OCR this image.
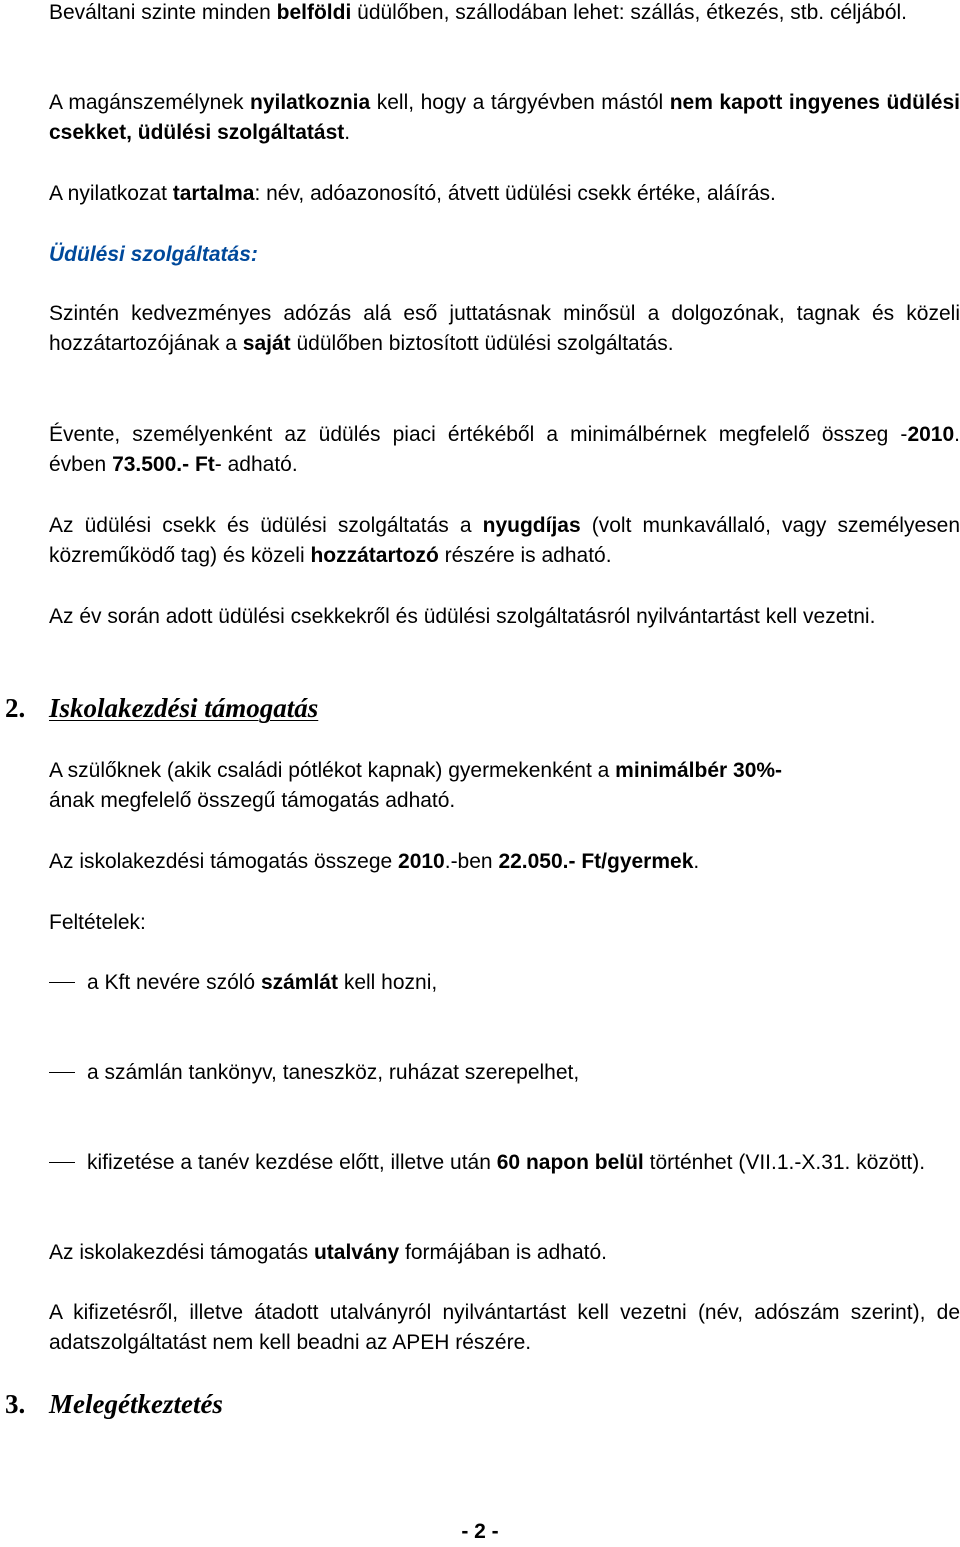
Beváltani szinte minden belföldi üdülőben, szállodában lehet: szállás, étkezés, stb. céljából.

A magánszemélynek nyilatkoznia kell, hogy a tárgyévben mástól nem kapott ingyenes üdülési csekket, üdülési szolgáltatást.

A nyilatkozat tartalma: név, adóazonosító, átvett üdülési csekk értéke, aláírás.

Üdülési szolgáltatás:

Szintén kedvezményes adózás alá eső juttatásnak minősül a dolgozónak, tagnak és közeli hozzátartozójának a saját üdülőben biztosított üdülési szolgáltatás.

Évente, személyenként az üdülés piaci értékéből a minimálbérnek megfelelő összeg -2010. évben 73.500.- Ft- adható.

Az üdülési csekk és üdülési szolgáltatás a nyugdíjas (volt munkavállaló, vagy személyesen közreműködő tag) és közeli hozzátartozó részére is adható.

Az év során adott üdülési csekkekről és üdülési szolgáltatásról nyilvántartást kell vezetni.

2. Iskolakezdési támogatás

A szülőknek (akik családi pótlékot kapnak) gyermekenként a minimálbér 30%-
ának megfelelő összegű támogatás adható.

Az iskolakezdési támogatás összege 2010.-ben 22.050.- Ft/gyermek.

Feltételek:

a Kft nevére szóló számlát kell hozni,

a számlán tankönyv, taneszköz, ruházat szerepelhet,

kifizetése a tanév kezdése előtt, illetve után 60 napon belül történhet (VII.1.-X.31. között).

Az iskolakezdési támogatás utalvány formájában is adható.

A kifizetésről, illetve átadott utalványról nyilvántartást kell vezetni (név, adószám szerint), de adatszolgáltatást nem kell beadni az APEH részére.

3. Melegétkeztetés

- 2 -
